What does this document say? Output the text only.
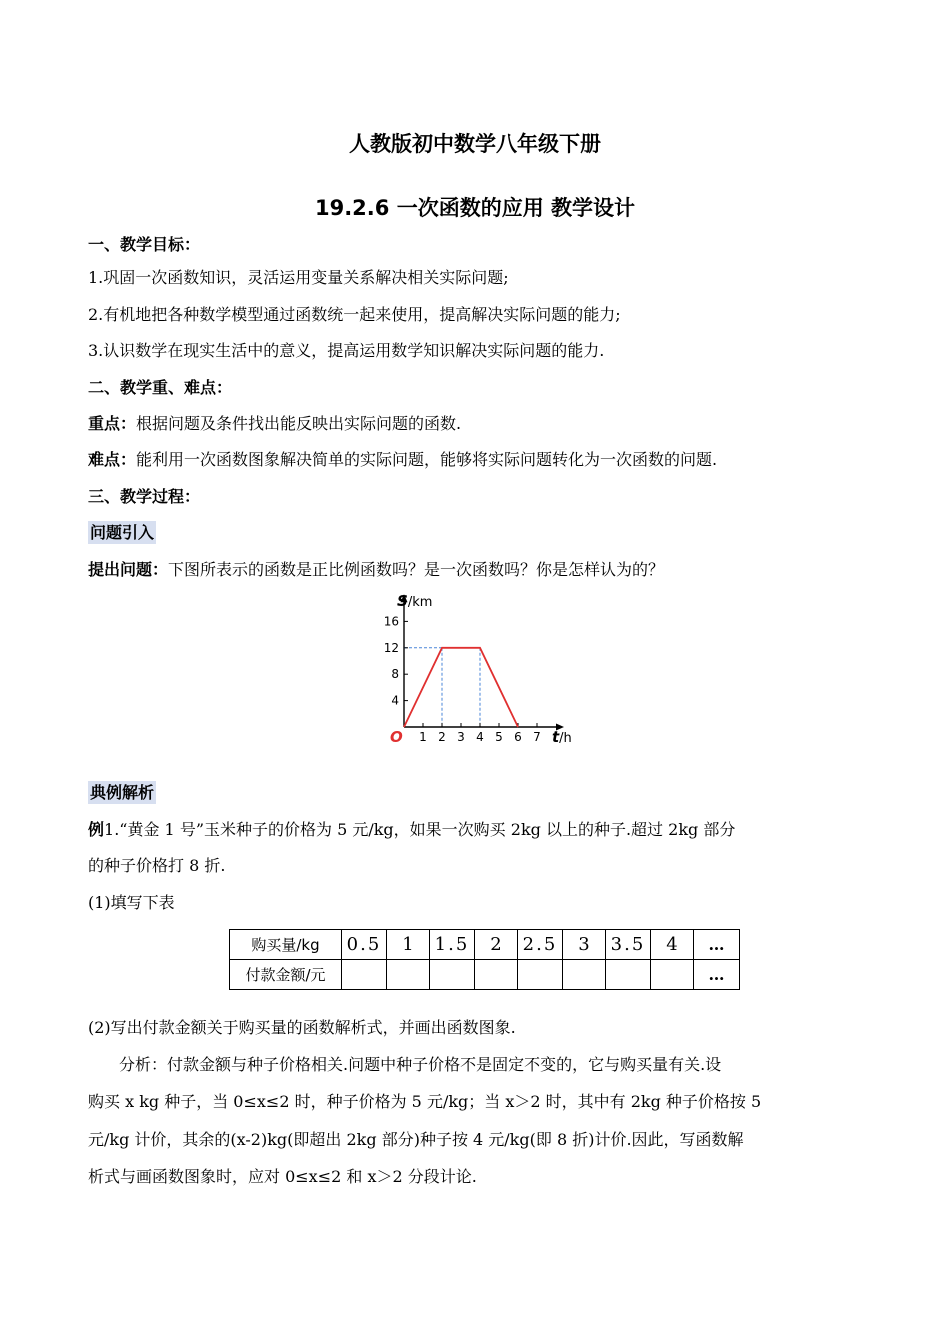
人教版初中数学八年级下册
19.2.6 一次函数的应用 教学设计
一、教学目标：
1.巩固一次函数知识，灵活运用变量关系解决相关实际问题;
2.有机地把各种数学模型通过函数统一起来使用，提高解决实际问题的能力;
3.认识数学在现实生活中的意义，提高运用数学知识解决实际问题的能力.
二、教学重、难点：
重点：根据问题及条件找出能反映出实际问题的函数.
难点：能利用一次函数图象解决简单的实际问题，能够将实际问题转化为一次函数的问题.
三、教学过程：
问题引入
提出问题：下图所表示的函数是正比例函数吗？是一次函数吗？你是怎样认为的？
1 2 3 4 5 6 7
4
8
12
16
O
S/km
t/h
典例解析
例1.“黄金 1 号”玉米种子的价格为 5 元/kg，如果一次购买 2kg 以上的种子.超过 2kg 部分
的种子价格打 8 折.
(1)填写下表
购买量/kg	0.5	1	1.5	2	2.5	3	3.5	4	…
付款金额/元									…
(2)写出付款金额关于购买量的函数解析式，并画出函数图象.
分析：付款金额与种子价格相关.问题中种子价格不是固定不变的，它与购买量有关.设
购买 x kg 种子，当 0≤x≤2 时，种子价格为 5 元/kg；当 x＞2 时，其中有 2kg 种子价格按 5
元/kg 计价，其余的(x-2)kg(即超出 2kg 部分)种子按 4 元/kg(即 8 折)计价.因此，写函数解
析式与画函数图象时，应对 0≤x≤2 和 x＞2 分段计论.
